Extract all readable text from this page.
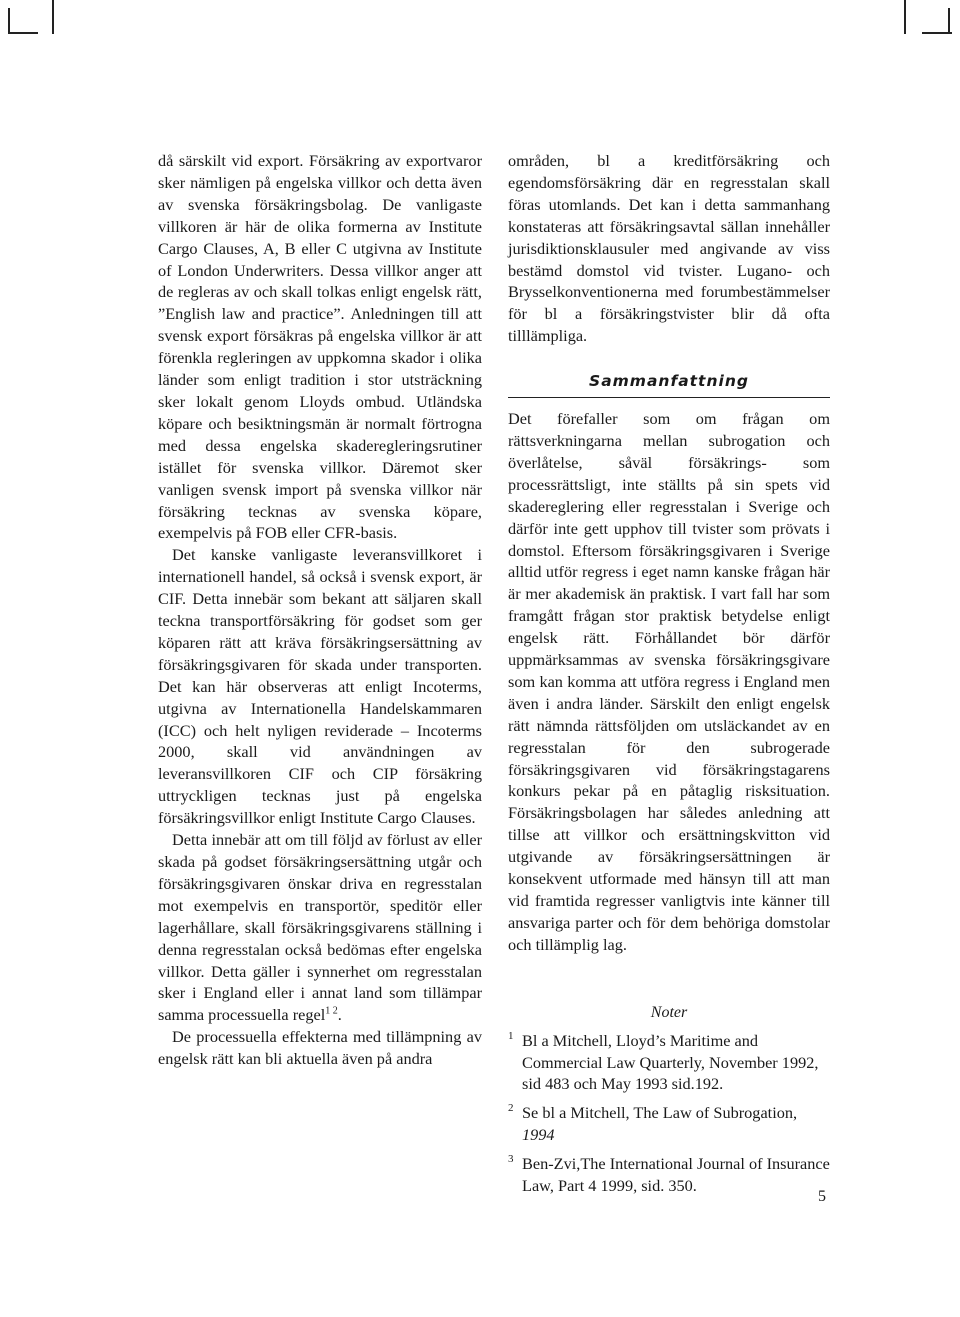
då särskilt vid export. Försäkring av exportvaror sker nämligen på engelska villkor och detta även av svenska försäkringsbolag. De vanligaste villkoren är här de olika formerna av Institute Cargo Clauses, A, B eller C utgivna av Institute of London Underwriters. Dessa villkor anger att de regleras av och skall tolkas enligt engelsk rätt, ”English law and practice”. Anledningen till att svensk export försäkras på engelska villkor är att förenkla regleringen av uppkomna skador i olika länder som enligt tradition i stor utsträckning sker lokalt genom Lloyds ombud. Utländska köpare och besiktningsmän är normalt förtrogna med dessa engelska skaderegleringsrutiner istället för svenska villkor. Däremot sker vanligen svensk import på svenska villkor när försäkring tecknas av svenska köpare, exempelvis på FOB eller CFR-basis.

Det kanske vanligaste leveransvillkoret i internationell handel, så också i svensk export, är CIF. Detta innebär som bekant att säljaren skall teckna transportförsäkring för godset som ger köparen rätt att kräva försäkringsersättning av försäkringsgivaren för skada under transporten. Det kan här observeras att enligt Incoterms, utgivna av Internationella Handelskammaren (ICC) och helt nyligen reviderade – Incoterms 2000, skall vid användningen av leveransvillkoren CIF och CIP försäkring uttryckligen tecknas just på engelska försäkringsvillkor enligt Institute Cargo Clauses.

Detta innebär att om till följd av förlust av eller skada på godset försäkringsersättning utgår och försäkringsgivaren önskar driva en regresstalan mot exempelvis en transportör, speditör eller lagerhållare, skall försäkringsgivarens ställning i denna regresstalan också bedömas efter engelska villkor. Detta gäller i synnerhet om regresstalan sker i England eller i annat land som tillämpar samma processuella regel$^{1 2}$.

De processuella effekterna med tillämpning av engelsk rätt kan bli aktuella även på andra

områden, bl a kreditförsäkring och egendomsförsäkring där en regresstalan skall föras utomlands. Det kan i detta sammanhang konstateras att försäkringsavtal sällan innehåller jurisdiktionsklausuler med angivande av viss bestämd domstol vid tvister. Lugano- och Brysselkonventionerna med forumbestämmelser för bl a försäkringstvister blir då ofta tilllämpliga.

Sammanfattning

Det förefaller som om frågan om rättsverkningarna mellan subrogation och överlåtelse, såväl försäkrings- som processrättsligt, inte ställts på sin spets vid skadereglering eller regresstalan i Sverige och därför inte gett upphov till tvister som prövats i domstol. Eftersom försäkringsgivaren i Sverige alltid utför regress i eget namn kanske frågan här är mer akademisk än praktisk. I vart fall har som framgått frågan stor praktisk betydelse enligt engelsk rätt. Förhållandet bör därför uppmärksammas av svenska försäkringsgivare som kan komma att utföra regress i England men även i andra länder. Särskilt den enligt engelsk rätt nämnda rättsföljden om utsläckandet av en regresstalan för den subrogerade försäkringsgivaren vid försäkringstagarens konkurs pekar på en påtaglig risksituation. Försäkringsbolagen har således anledning att tillse att villkor och ersättningskvitton vid utgivande av försäkringsersättningen är konsekvent utformade med hänsyn till att man vid framtida regresser vanligtvis inte känner till ansvariga parter och för dem behöriga domstolar och tillämplig lag.

Noter
1 Bl a Mitchell, Lloyd’s Maritime and Commercial Law Quarterly, November 1992, sid 483 och May 1993 sid.192.
2 Se bl a Mitchell, The Law of Subrogation, 1994
3 Ben-Zvi,The International Journal of Insurance Law, Part 4 1999, sid. 350.
5
